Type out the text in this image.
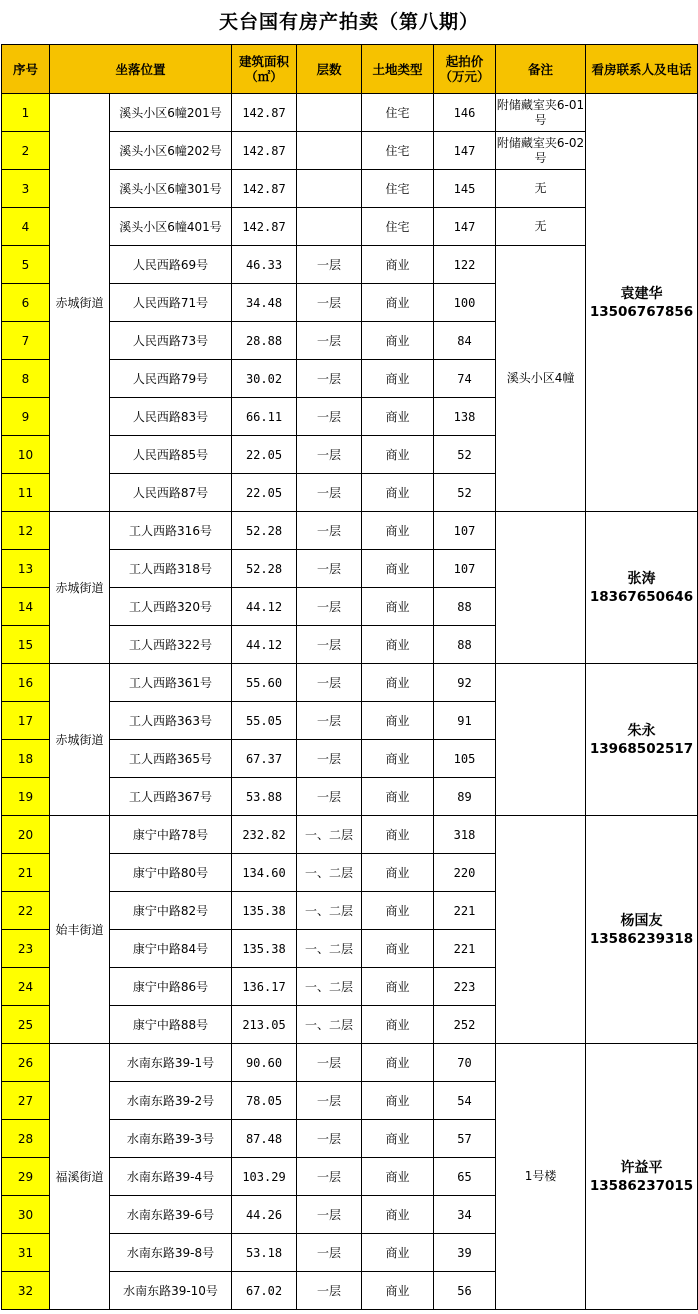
天台国有房产拍卖（第八期）
序号	坐落位置		建筑面积（㎡）	层数	土地类型	起拍价（万元）	备注	看房联系人及电话
1	赤城街道	溪头小区6幢201号	142.87		住宅	146	附储藏室夹6-01号	袁建华
13506767856

2		溪头小区6幢202号	142.87		住宅	147	附储藏室夹6-02号	
3		溪头小区6幢301号	142.87		住宅	145	无	
4		溪头小区6幢401号	142.87		住宅	147	无	
5		人民西路69号	46.33	一层	商业	122	溪头小区4幢	
6		人民西路71号	34.48	一层	商业	100		
7		人民西路73号	28.88	一层	商业	84		
8		人民西路79号	30.02	一层	商业	74		
9		人民西路83号	66.11	一层	商业	138		
10		人民西路85号	22.05	一层	商业	52		
11		人民西路87号	22.05	一层	商业	52		
12	赤城街道	工人西路316号	52.28	一层	商业	107		张涛
18367650646

13		工人西路318号	52.28	一层	商业	107		
14		工人西路320号	44.12	一层	商业	88		
15		工人西路322号	44.12	一层	商业	88		
16	赤城街道	工人西路361号	55.60	一层	商业	92		朱永
13968502517

17		工人西路363号	55.05	一层	商业	91		
18		工人西路365号	67.37	一层	商业	105		
19		工人西路367号	53.88	一层	商业	89		
20	始丰街道	康宁中路78号	232.82	一、二层	商业	318		杨国友
13586239318

21		康宁中路80号	134.60	一、二层	商业	220		
22		康宁中路82号	135.38	一、二层	商业	221		
23		康宁中路84号	135.38	一、二层	商业	221		
24		康宁中路86号	136.17	一、二层	商业	223		
25		康宁中路88号	213.05	一、二层	商业	252		
26	福溪街道	水南东路39-1号	90.60	一层	商业	70	1号楼	许益平
13586237015

27		水南东路39-2号	78.05	一层	商业	54		
28		水南东路39-3号	87.48	一层	商业	57		
29		水南东路39-4号	103.29	一层	商业	65		
30		水南东路39-6号	44.26	一层	商业	34		
31		水南东路39-8号	53.18	一层	商业	39		
32		水南东路39-10号	67.02	一层	商业	56		
